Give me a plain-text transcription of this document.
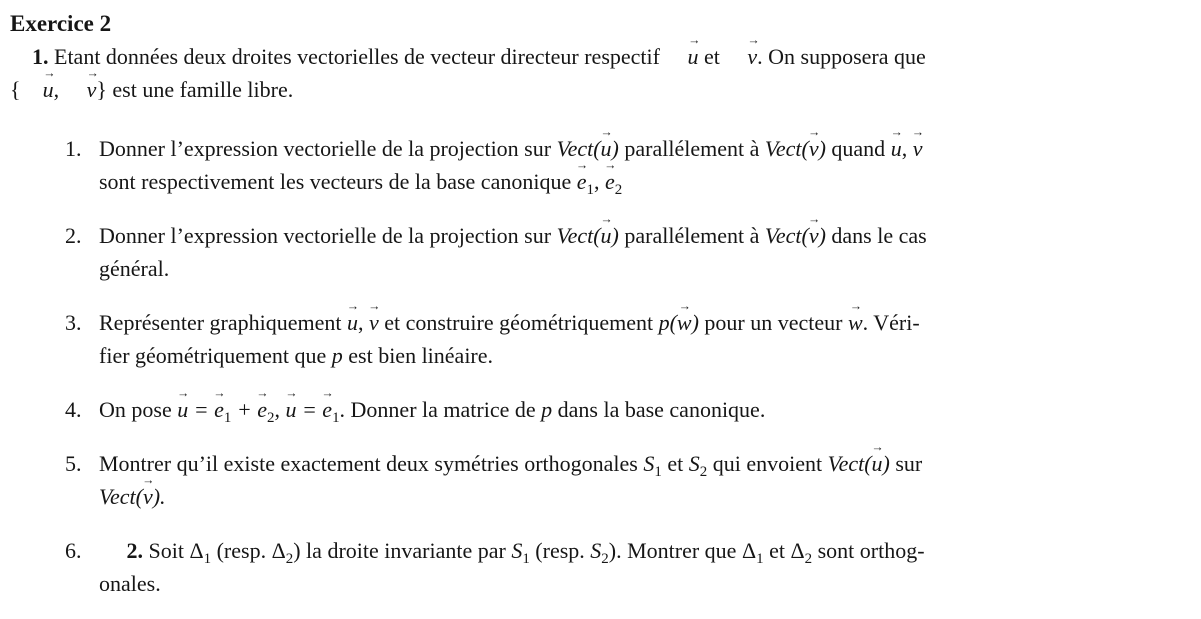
Exercice 2

1. Etant données deux droites vectorielles de vecteur directeur respectif
→
u et
→
v. On supposera que
{
→
u,
→
v} est une famille libre.

1. Donner l’expression vectorielle de la projection sur Vect(
→
u) parallélement à Vect(
→
v) quand
→
u,
→
v
sont respectivement les vecteurs de la base canonique
→
$e_1$,
→
$e_2$
2. Donner l’expression vectorielle de la projection sur Vect(
→
u) parallélement à Vect(
→
v) dans le cas
général.
3. Représenter graphiquement
→
u,
→
v et construire géométriquement p(
→
w) pour un vecteur
→
w. Véri-
fier géométriquement que p est bien linéaire.
4. On pose
→
u =
→
$e_1$ +
→
$e_2$,
→
u =
→
$e_1$. Donner la matrice de p dans la base canonique.
5. Montrer qu’il existe exactement deux symétries orthogonales $S_1$ et $S_2$ qui envoient Vect(
→
u) sur
Vect(
→
v).
6.	2. Soit $\Delta_1$ (resp. $\Delta_2$) la droite invariante par $S_1$ (resp. $S_2$). Montrer que $\Delta_1$ et $\Delta_2$ sont orthog-
onales.
